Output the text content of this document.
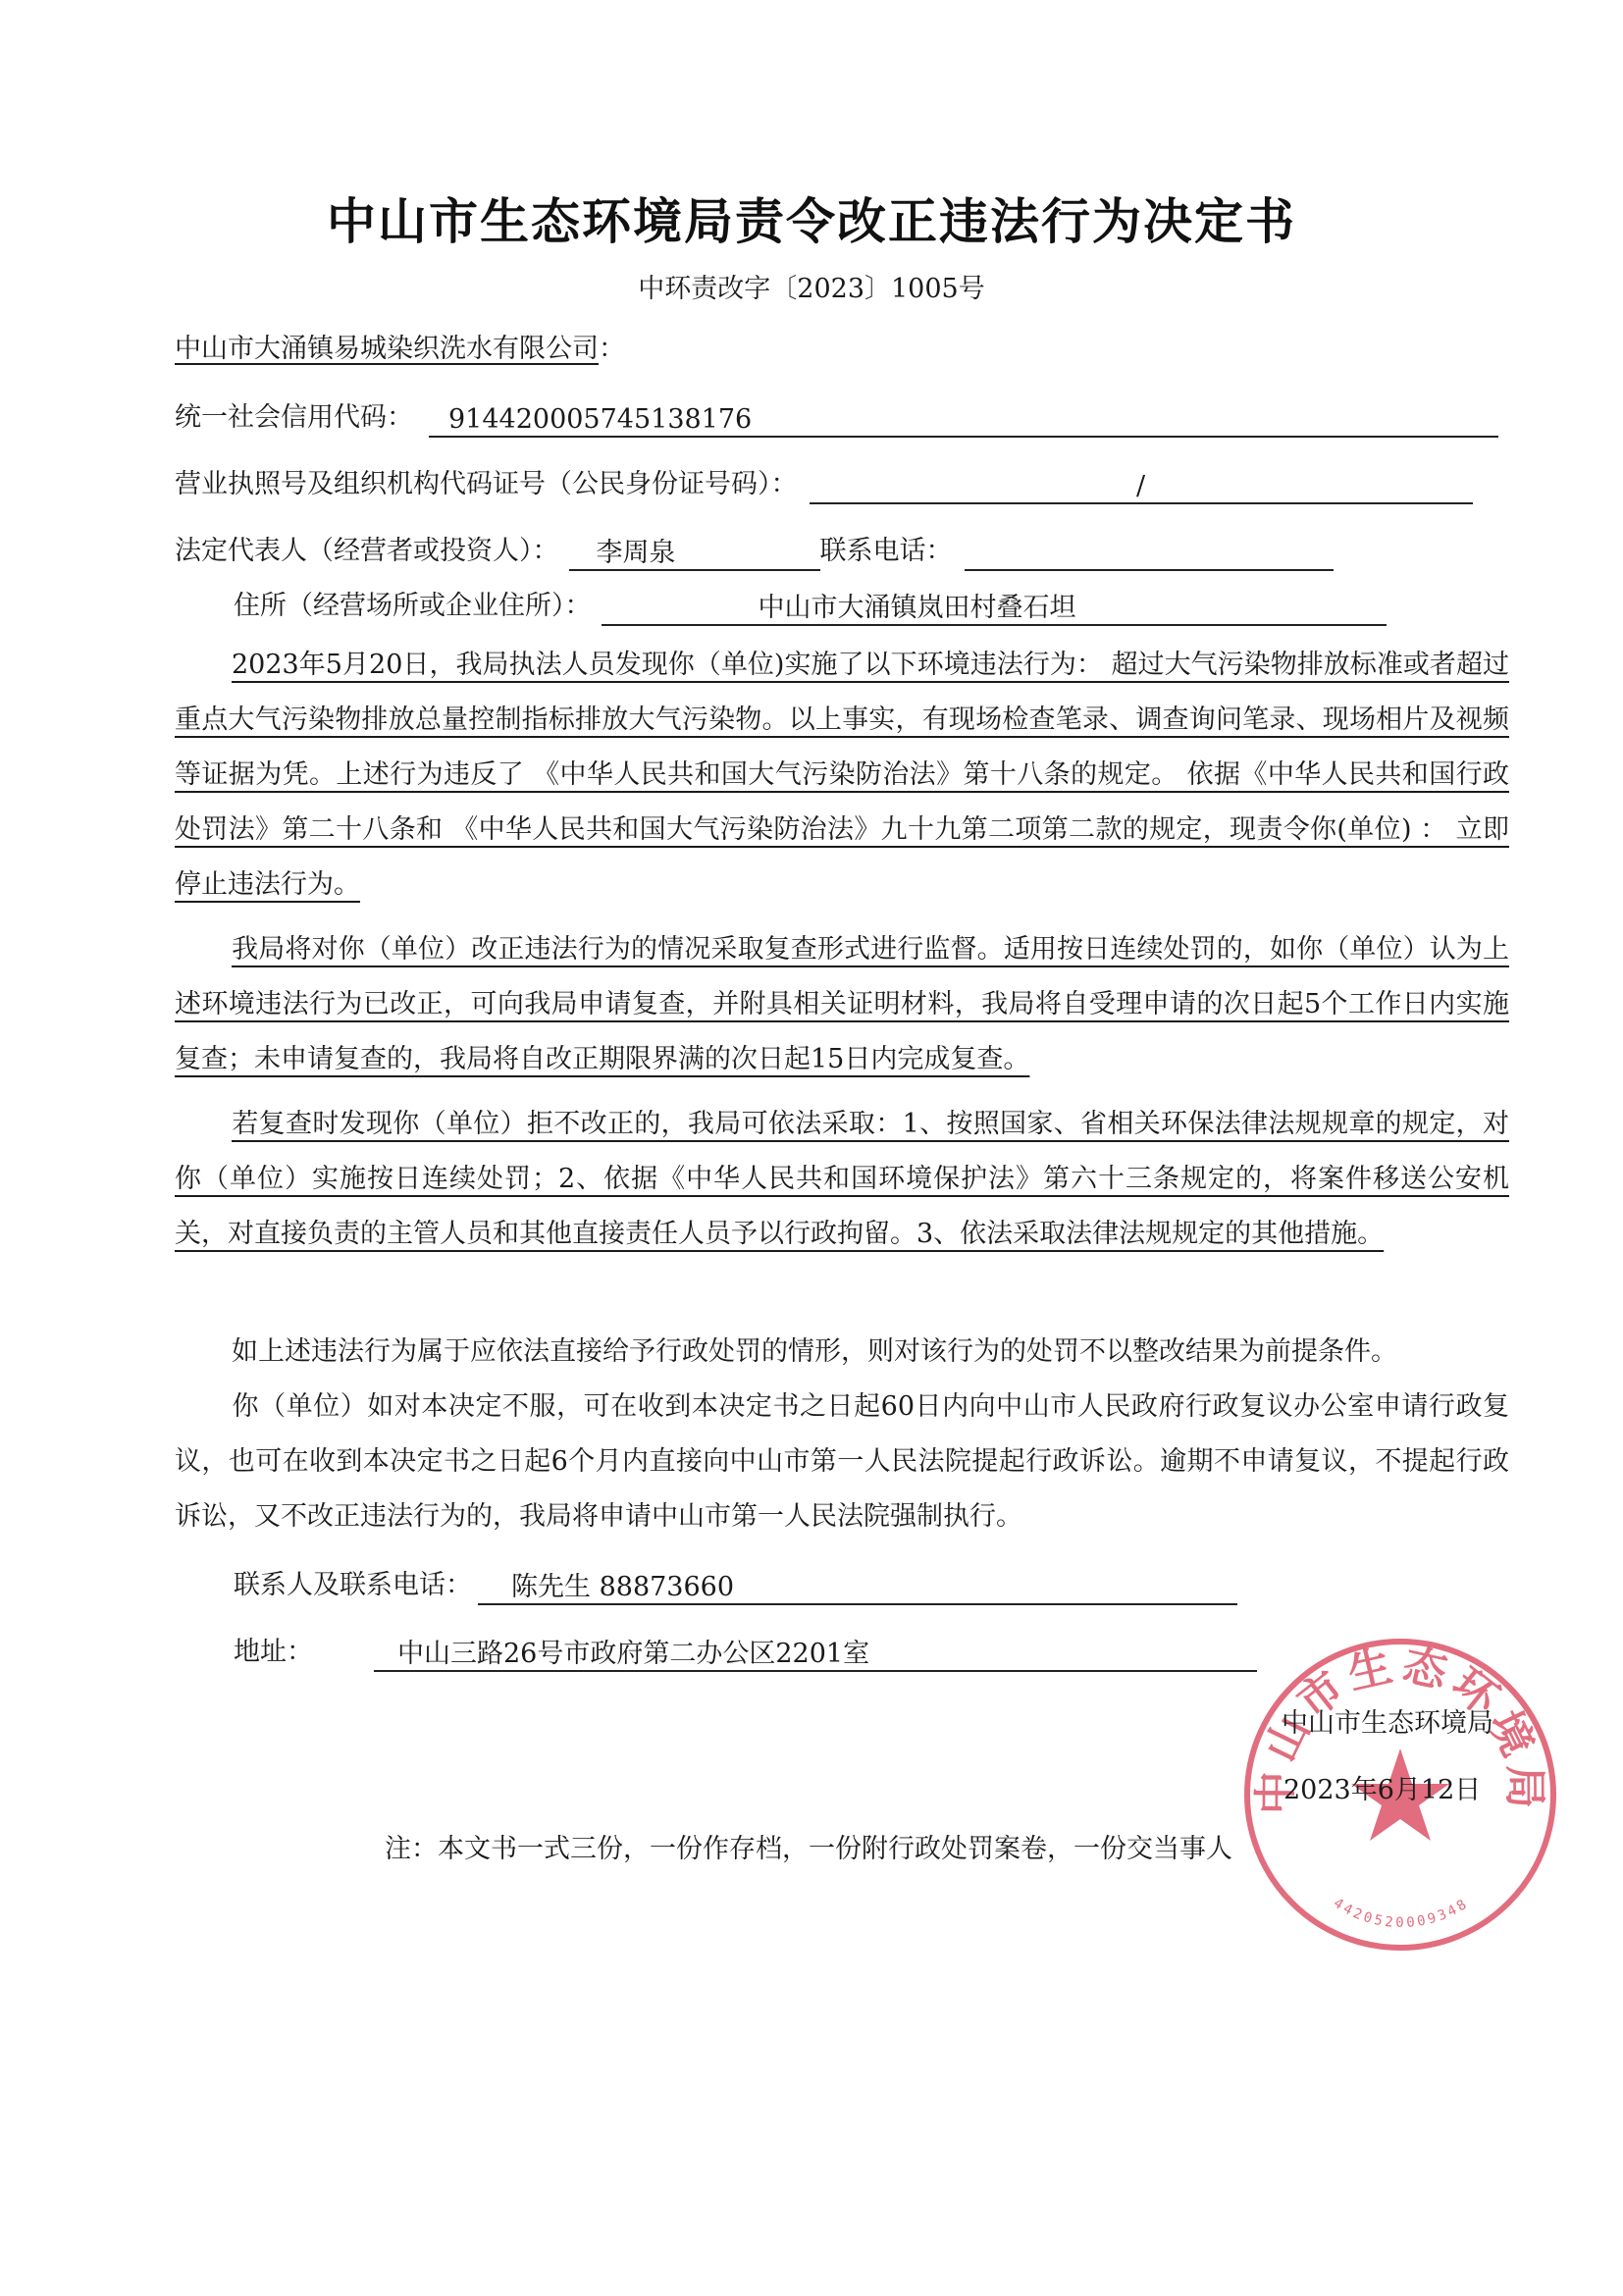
中山市生态环境局责令改正违法行为决定书
中环责改字〔2023〕1005号
中山市大涌镇易城染织洗水有限公司：
统一社会信用代码： 914420005745138176
营业执照号及组织机构代码证号（公民身份证号码）：	/
法定代表人（经营者或投资人）： 李周泉	联系电话：
住所（经营场所或企业住所）：	中山市大涌镇岚田村叠石坦
2023年5月20日，我局执法人员发现你（单位)实施了以下环境违法行为： 超过大气污染物排放标准或者超过重点大气污染物排放总量控制指标排放大气污染物。以上事实，有现场检查笔录、调查询问笔录、现场相片及视频 等证据为凭。上述行为违反了 《中华人民共和国大气污染防治法》第十八条的规定。 依据《中华人民共和国行政处罚法》第二十八条和 《中华人民共和国大气污染防治法》九十九第二项第二款的规定，现责令你(单位) ： 立即停止违法行为。
我局将对你（单位）改正违法行为的情况采取复查形式进行监督。适用按日连续处罚的，如你（单位）认为上述环境违法行为已改正，可向我局申请复查，并附具相关证明材料，我局将自受理申请的次日起5个工作日内实施复查；未申请复查的，我局将自改正期限界满的次日起15日内完成复查。
若复查时发现你（单位）拒不改正的，我局可依法采取：1、按照国家、省相关环保法律法规规章的规定，对你（单位）实施按日连续处罚；2、依据《中华人民共和国环境保护法》第六十三条规定的，将案件移送公安机关，对直接负责的主管人员和其他直接责任人员予以行政拘留。3、依法采取法律法规规定的其他措施。
如上述违法行为属于应依法直接给予行政处罚的情形，则对该行为的处罚不以整改结果为前提条件。
你（单位）如对本决定不服，可在收到本决定书之日起60日内向中山市人民政府行政复议办公室申请行政复议，也可在收到本决定书之日起6个月内直接向中山市第一人民法院提起行政诉讼。逾期不申请复议，不提起行政诉讼，又不改正违法行为的，我局将申请中山市第一人民法院强制执行。
联系人及联系电话： 陈先生 88873660
地址：	中山三路26号市政府第二办公区2201室
中山市生态环境局
4420520009348
中山市生态环境局
2023年6月12日
注：本文书一式三份，一份作存档，一份附行政处罚案卷，一份交当事人
